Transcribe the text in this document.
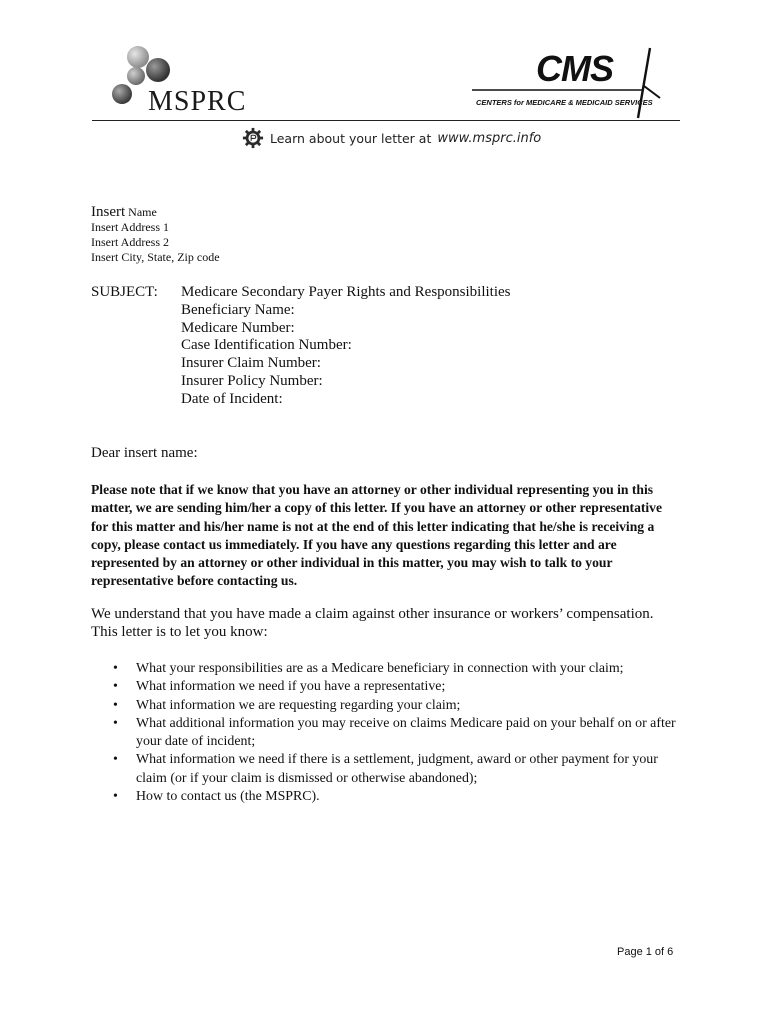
MSPRC
CMS
CENTERS for MEDICARE & MEDICAID SERVICES
Learn about your letter at www.msprc.info
Insert Name
Insert Address 1
Insert Address 2
Insert City, State, Zip code
SUBJECT: Medicare Secondary Payer Rights and Responsibilities
Beneficiary Name:
Medicare Number:
Case Identification Number:
Insurer Claim Number:
Insurer Policy Number:
Date of Incident:
Dear insert name:
Please note that if we know that you have an attorney or other individual representing you in this matter, we are sending him/her a copy of this letter. If you have an attorney or other representative for this matter and his/her name is not at the end of this letter indicating that he/she is receiving a copy, please contact us immediately. If you have any questions regarding this letter and are represented by an attorney or other individual in this matter, you may wish to talk to your representative before contacting us.
We understand that you have made a claim against other insurance or workers’ compensation. This letter is to let you know:
• What your responsibilities are as a Medicare beneficiary in connection with your claim;
• What information we need if you have a representative;
• What information we are requesting regarding your claim;
• What additional information you may receive on claims Medicare paid on your behalf on or after your date of incident;
• What information we need if there is a settlement, judgment, award or other payment for your claim (or if your claim is dismissed or otherwise abandoned);
• How to contact us (the MSPRC).
Page 1 of 6
